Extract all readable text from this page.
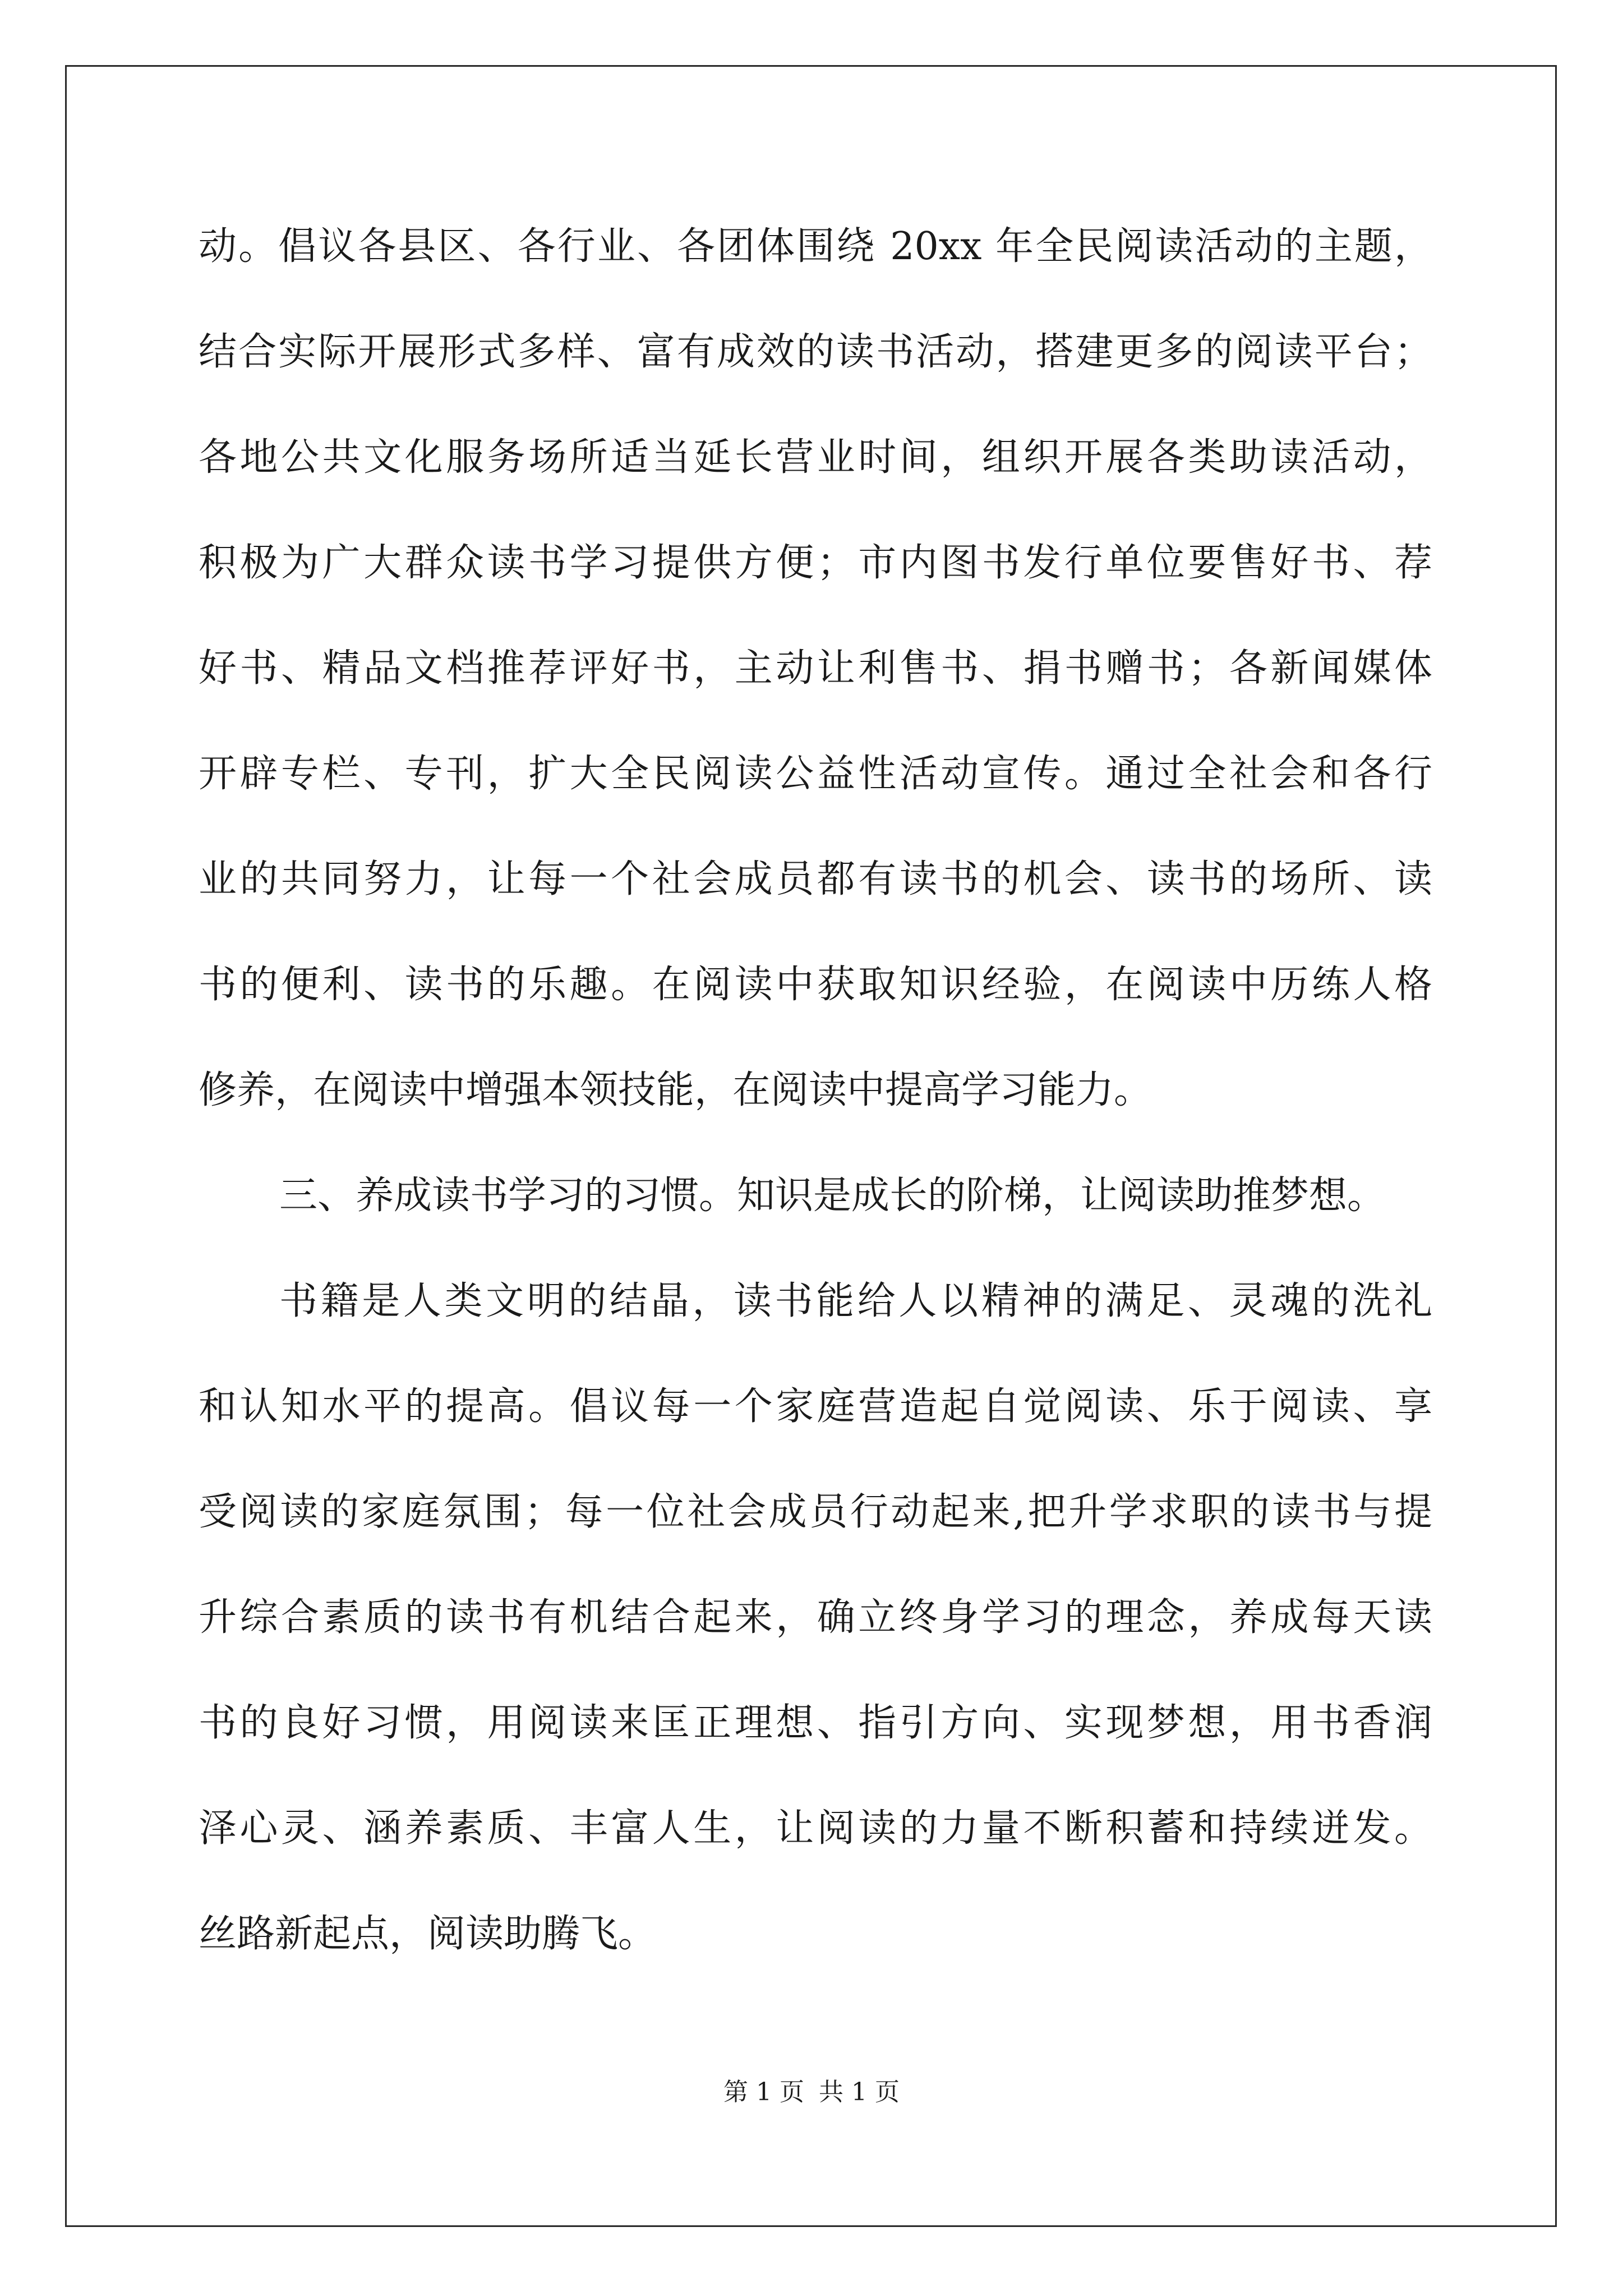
动。倡议各县区、各行业、各团体围绕 20xx 年全民阅读活动的主题，
结合实际开展形式多样、富有成效的读书活动，搭建更多的阅读平台；
各地公共文化服务场所适当延长营业时间，组织开展各类助读活动，
积极为广大群众读书学习提供方便；市内图书发行单位要售好书、荐
好书、精品文档推荐评好书，主动让利售书、捐书赠书；各新闻媒体
开辟专栏、专刊，扩大全民阅读公益性活动宣传。通过全社会和各行
业的共同努力，让每一个社会成员都有读书的机会、读书的场所、读
书的便利、读书的乐趣。在阅读中获取知识经验，在阅读中历练人格
修养，在阅读中增强本领技能，在阅读中提高学习能力。
三、养成读书学习的习惯。知识是成长的阶梯，让阅读助推梦想。
书籍是人类文明的结晶，读书能给人以精神的满足、灵魂的洗礼
和认知水平的提高。倡议每一个家庭营造起自觉阅读、乐于阅读、享
受阅读的家庭氛围；每一位社会成员行动起来,把升学求职的读书与提
升综合素质的读书有机结合起来，确立终身学习的理念，养成每天读
书的良好习惯，用阅读来匡正理想、指引方向、实现梦想，用书香润
泽心灵、涵养素质、丰富人生，让阅读的力量不断积蓄和持续迸发。
丝路新起点，阅读助腾飞。
第 1 页 共 1 页
